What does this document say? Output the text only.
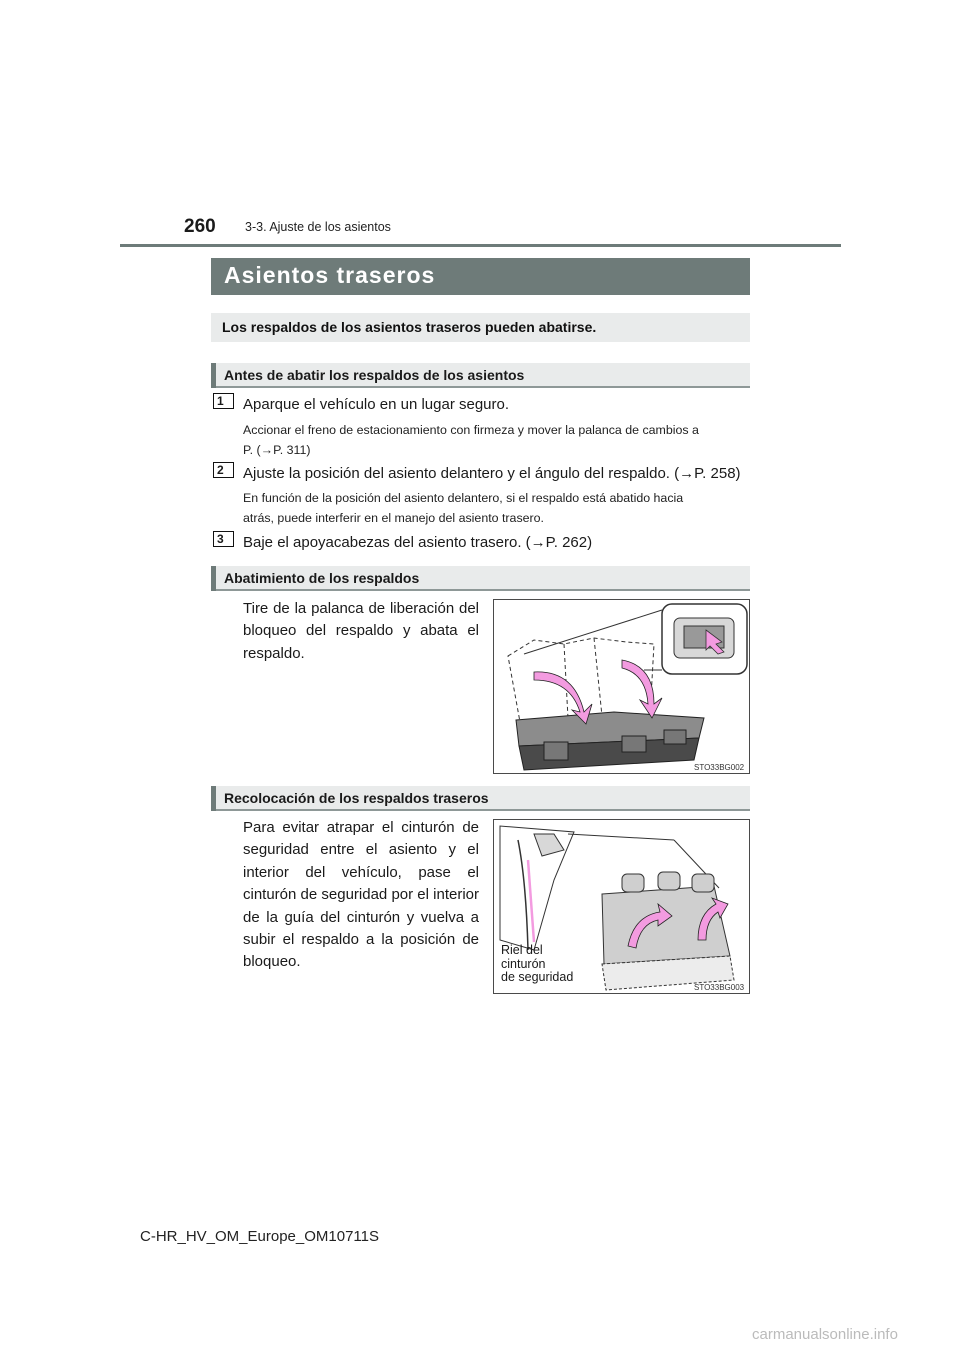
260 3-3. Ajuste de los asientos
Asientos traseros
Los respaldos de los asientos traseros pueden abatirse.
Antes de abatir los respaldos de los asientos
1	Aparque el vehículo en un lugar seguro.
Accionar el freno de estacionamiento con firmeza y mover la palanca de cambios a
P. (→P. 311)
2	Ajuste la posición del asiento delantero y el ángulo del respaldo. (→P. 258)
En función de la posición del asiento delantero, si el respaldo está abatido hacia
atrás, puede interferir en el manejo del asiento trasero.
3	Baje el apoyacabezas del asiento trasero. (→P. 262)
Abatimiento de los respaldos
Tire de la palanca de liberación del bloqueo del respaldo y abata el respaldo.
STO33BG002
Recolocación de los respaldos traseros
Para evitar atrapar el cinturón de seguridad entre el asiento y el interior del vehículo, pase el cinturón de seguridad por el interior de la guía del cinturón y vuelva a subir el respaldo a la posición de bloqueo.
Riel del
cinturón
de seguridad
STO33BG003
C-HR_HV_OM_Europe_OM10711S
carmanualsonline.info
